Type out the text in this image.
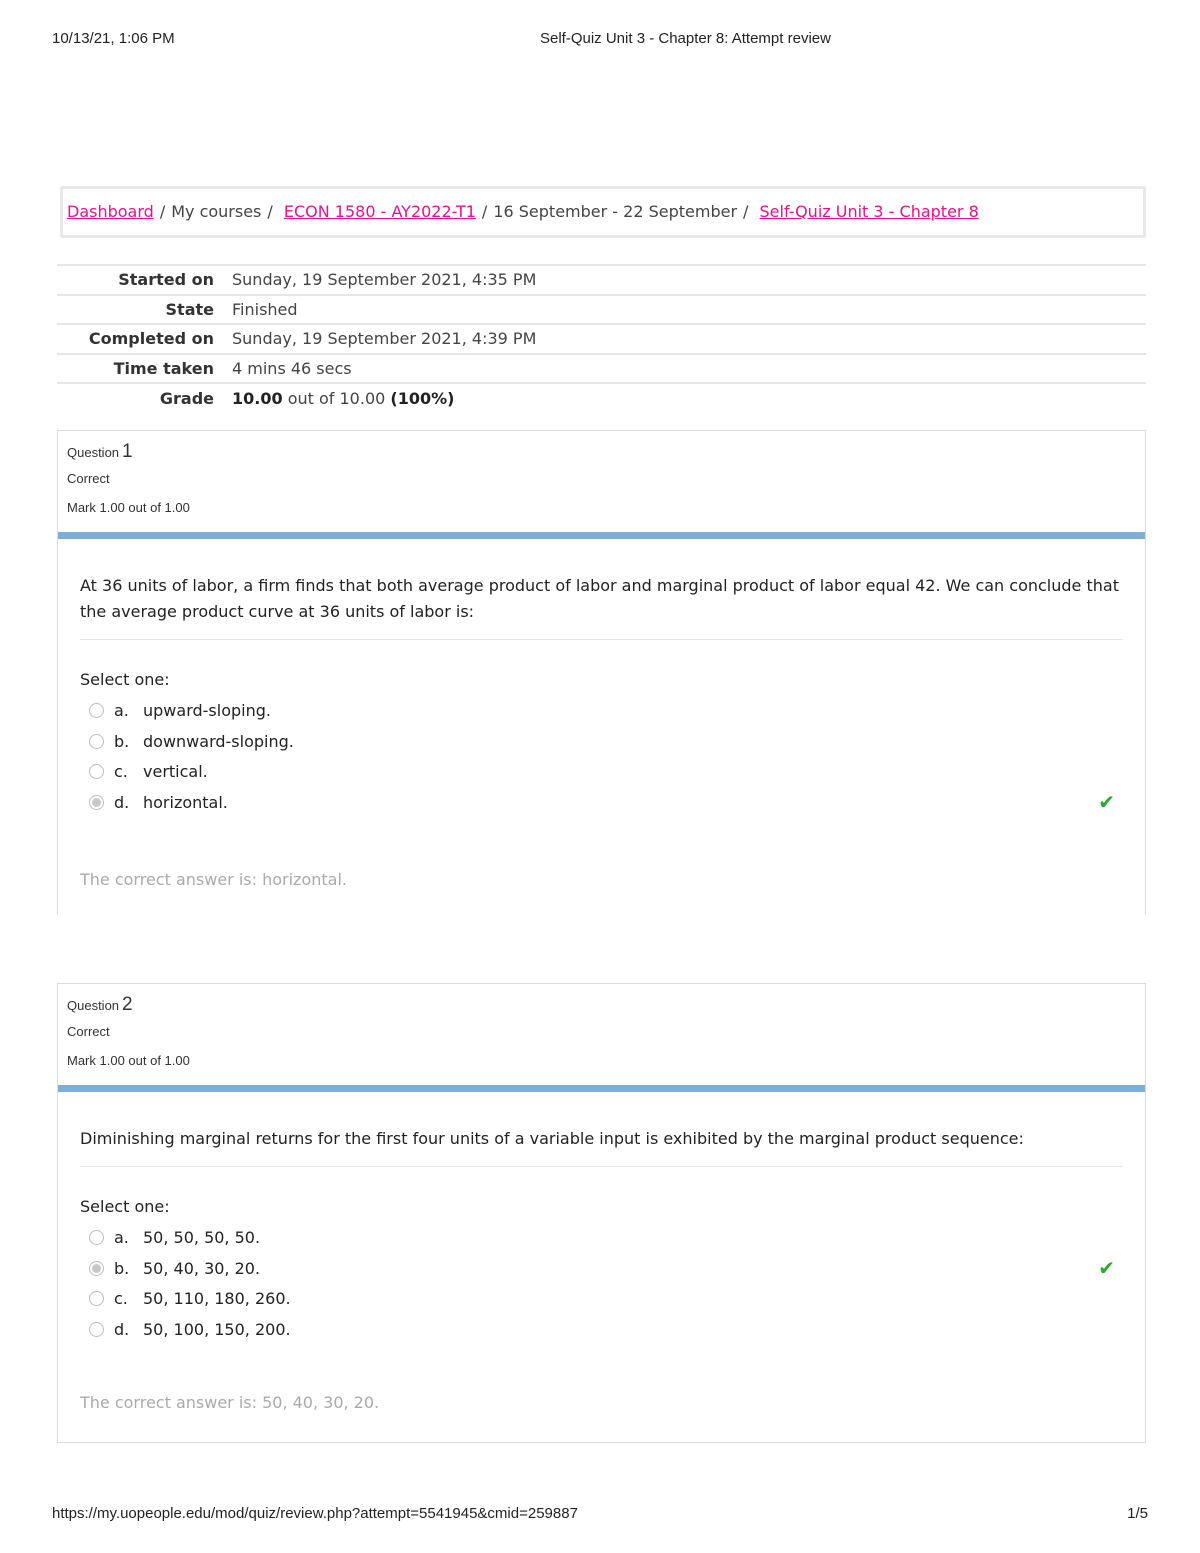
10/13/21, 1:06 PM	Self-Quiz Unit 3 - Chapter 8: Attempt review
Dashboard / My courses / ECON 1580 - AY2022-T1 / 16 September - 22 September / Self-Quiz Unit 3 - Chapter 8
Started on	Sunday, 19 September 2021, 4:35 PM
State	Finished
Completed on	Sunday, 19 September 2021, 4:39 PM
Time taken	4 mins 46 secs
Grade	10.00 out of 10.00 (100%)
Question 1
Correct
Mark 1.00 out of 1.00
At 36 units of labor, a firm finds that both average product of labor and marginal product of labor equal 42. We can conclude that the average product curve at 36 units of labor is:
Select one:
a. upward-sloping.
b. downward-sloping.
c. vertical.
d. horizontal.	✔
The correct answer is: horizontal.
Question 2
Correct
Mark 1.00 out of 1.00
Diminishing marginal returns for the first four units of a variable input is exhibited by the marginal product sequence:
Select one:
a. 50, 50, 50, 50.
b. 50, 40, 30, 20.	✔
c. 50, 110, 180, 260.
d. 50, 100, 150, 200.
The correct answer is: 50, 40, 30, 20.
https://my.uopeople.edu/mod/quiz/review.php?attempt=5541945&cmid=259887	1/5
